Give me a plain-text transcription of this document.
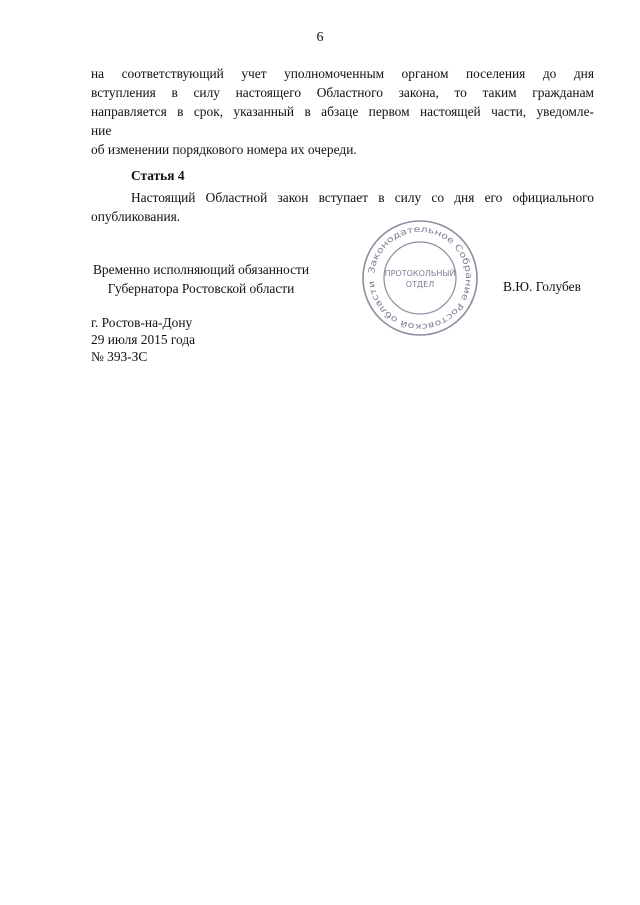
6
на соответствующий учет уполномоченным органом поселения до дня
вступления в силу настоящего Областного закона, то таким гражданам
направляется в срок, указанный в абзаце первом настоящей части, уведомле-
ние
об изменении порядкового номера их очереди.
Статья 4
Настоящий Областной закон вступает в силу со дня его официального
опубликования.
Временно исполняющий обязанности
Губернатора Ростовской области
Законодательное Собрание Ростовской области
ПРОТОКОЛЬНЫЙ
ОТДЕЛ	В.Ю. Голубев
г. Ростов-на-Дону
29 июля 2015 года
№ 393-ЗС
